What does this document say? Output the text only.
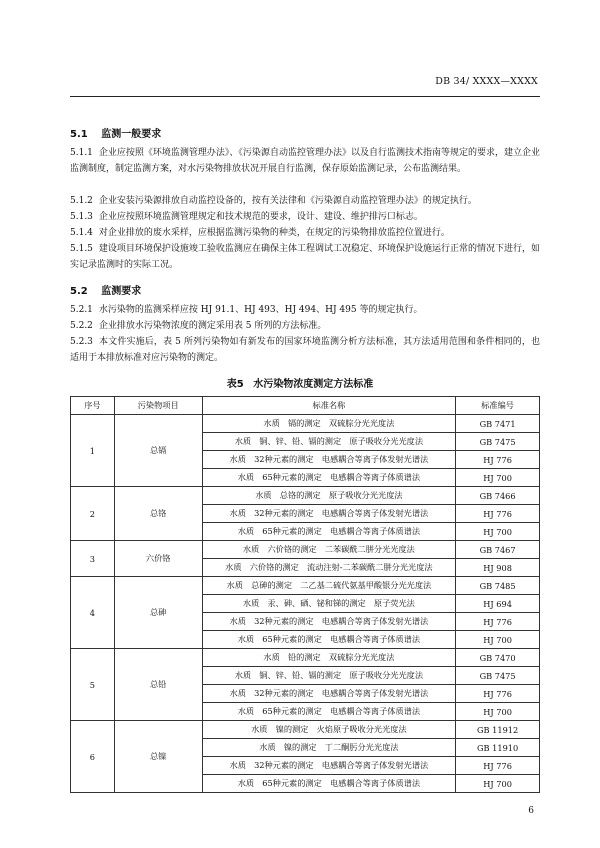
DB 34/ XXXX—XXXX
5.1 监测一般要求
5.1.1 企业应按照《环境监测管理办法》、《污染源自动监控管理办法》以及自行监测技术指南等规定的要求，建立企业监测制度，制定监测方案，对水污染物排放状况开展自行监测，保存原始监测记录，公布监测结果。
5.1.2 企业安装污染源排放自动监控设备的，按有关法律和《污染源自动监控管理办法》的规定执行。
5.1.3 企业应按照环境监测管理规定和技术规范的要求，设计、建设、维护排污口标志。
5.1.4 对企业排放的废水采样，应根据监测污染物的种类，在规定的污染物排放监控位置进行。
5.1.5 建设项目环境保护设施竣工验收监测应在确保主体工程调试工况稳定、环境保护设施运行正常的情况下进行，如实记录监测时的实际工况。
5.2 监测要求
5.2.1 水污染物的监测采样应按 HJ 91.1、HJ 493、HJ 494、HJ 495 等的规定执行。
5.2.2 企业排放水污染物浓度的测定采用表 5 所列的方法标准。
5.2.3 本文件实施后，表 5 所列污染物如有新发布的国家环境监测分析方法标准，其方法适用范围和条件相同的，也适用于本排放标准对应污染物的测定。
表5 水污染物浓度测定方法标准
序号	污染物项目	标准名称	标准编号
1	总镉	水质　镉的测定　双硫腙分光光度法	GB 7471
		水质　铜、锌、铅、镉的测定　原子吸收分光光度法	GB 7475
		水质　32种元素的测定　电感耦合等离子体发射光谱法	HJ 776
		水质　65种元素的测定　电感耦合等离子体质谱法	HJ 700
2	总铬	水质　总铬的测定　原子吸收分光光度法	GB 7466
		水质　32种元素的测定　电感耦合等离子体发射光谱法	HJ 776
		水质　65种元素的测定　电感耦合等离子体质谱法	HJ 700
3	六价铬	水质　六价铬的测定　二苯碳酰二肼分光光度法	GB 7467
		水质　六价铬的测定　流动注射-二苯碳酰二肼分光光度法	HJ 908
4	总砷	水质　总砷的测定　二乙基二硫代氨基甲酸银分光光度法	GB 7485
		水质　汞、砷、硒、铋和锑的测定　原子荧光法	HJ 694
		水质　32种元素的测定　电感耦合等离子体发射光谱法	HJ 776
		水质　65种元素的测定　电感耦合等离子体质谱法	HJ 700
5	总铅	水质　铅的测定　双硫腙分光光度法	GB 7470
		水质　铜、锌、铅、镉的测定　原子吸收分光光度法	GB 7475
		水质　32种元素的测定　电感耦合等离子体发射光谱法	HJ 776
		水质　65种元素的测定　电感耦合等离子体质谱法	HJ 700
6	总镍	水质　镍的测定　火焰原子吸收分光光度法	GB 11912
		水质　镍的测定　丁二酮肟分光光度法	GB 11910
		水质　32种元素的测定　电感耦合等离子体发射光谱法	HJ 776
		水质　65种元素的测定　电感耦合等离子体质谱法	HJ 700
6
